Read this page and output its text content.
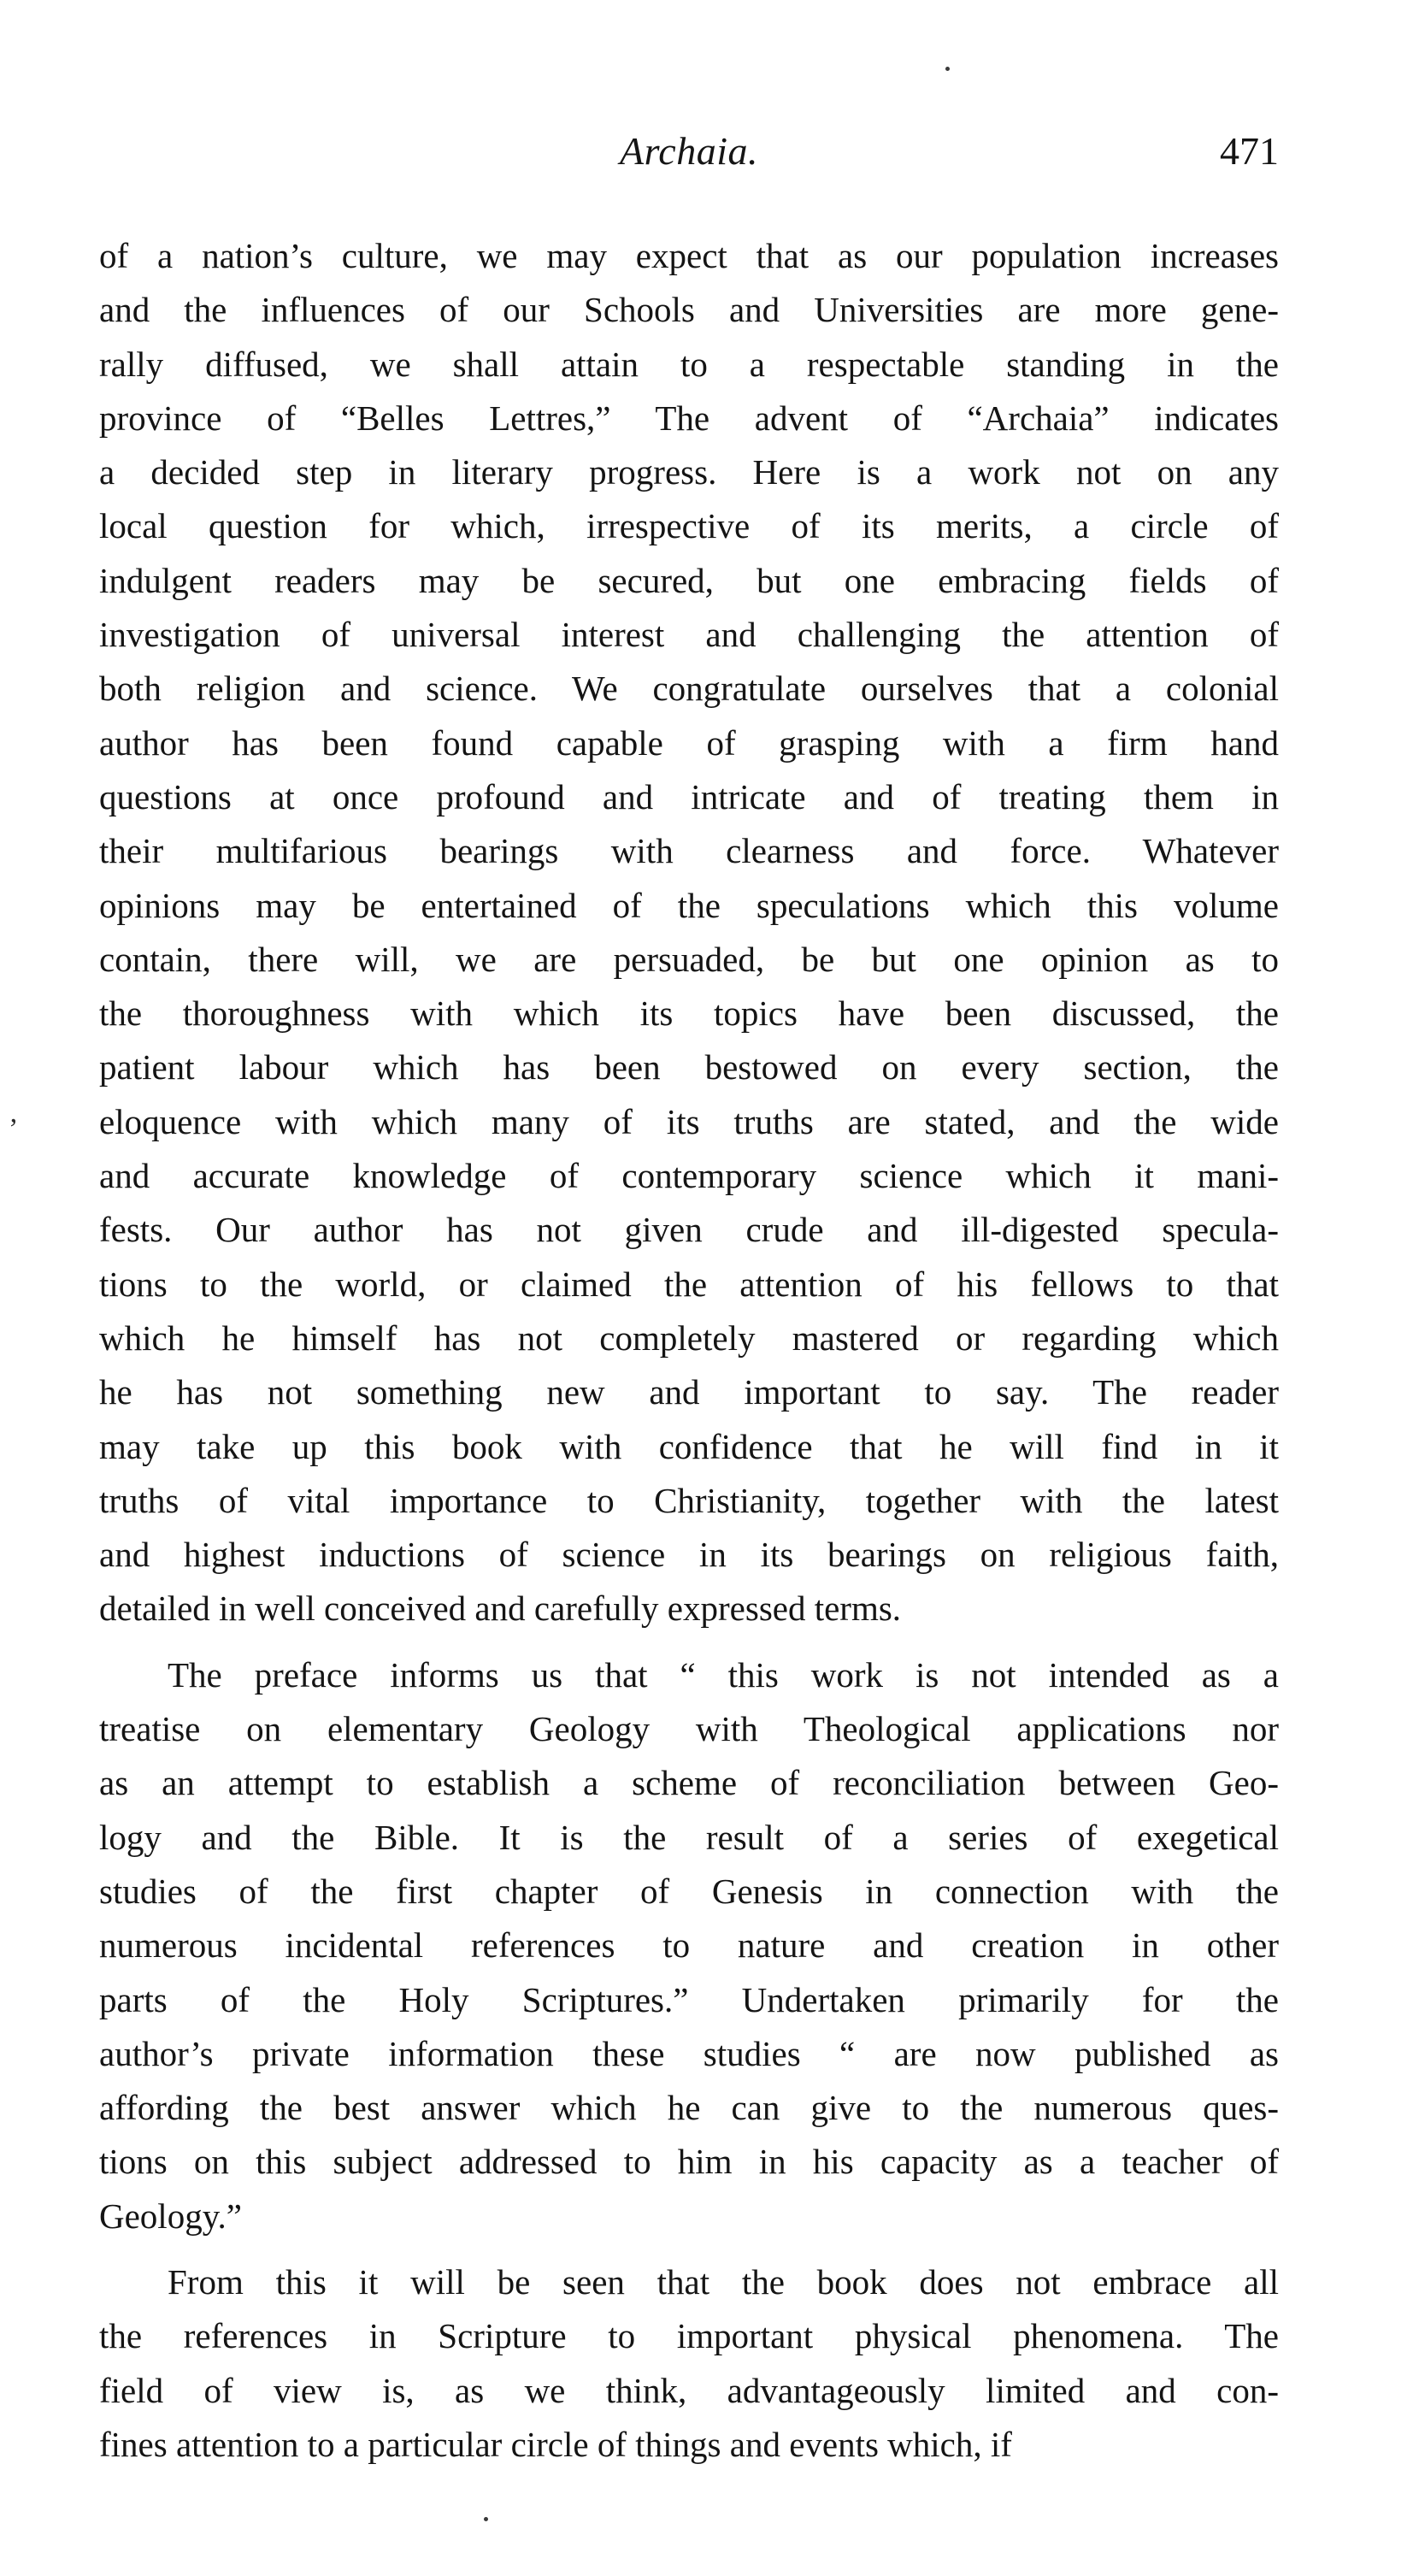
Archaia.	471
’
of a nation’s culture, we may expect that as our population increases
and the influences of our Schools and Universities are more gene-
rally diffused, we shall attain to a respectable standing in the
province of “Belles Lettres,” The advent of “Archaia” indicates
a decided step in literary progress. Here is a work not on any
local question for which, irrespective of its merits, a circle of
indulgent readers may be secured, but one embracing fields of
investigation of universal interest and challenging the attention of
both religion and science. We congratulate ourselves that a colonial
author has been found capable of grasping with a firm hand
questions at once profound and intricate and of treating them in
their multifarious bearings with clearness and force. Whatever
opinions may be entertained of the speculations which this volume
contain, there will, we are persuaded, be but one opinion as to
the thoroughness with which its topics have been discussed, the
patient labour which has been bestowed on every section, the
eloquence with which many of its truths are stated, and the wide
and accurate knowledge of contemporary science which it mani-
fests. Our author has not given crude and ill-digested specula-
tions to the world, or claimed the attention of his fellows to that
which he himself has not completely mastered or regarding which
he has not something new and important to say. The reader
may take up this book with confidence that he will find in it
truths of vital importance to Christianity, together with the latest
and highest inductions of science in its bearings on religious faith,
detailed in well conceived and carefully expressed terms.
The preface informs us that “ this work is not intended as a
treatise on elementary Geology with Theological applications nor
as an attempt to establish a scheme of reconciliation between Geo-
logy and the Bible. It is the result of a series of exegetical
studies of the first chapter of Genesis in connection with the
numerous incidental references to nature and creation in other
parts of the Holy Scriptures.” Undertaken primarily for the
author’s private information these studies “ are now published as
affording the best answer which he can give to the numerous ques-
tions on this subject addressed to him in his capacity as a teacher of
Geology.”
From this it will be seen that the book does not embrace all
the references in Scripture to important physical phenomena. The
field of view is, as we think, advantageously limited and con-
fines attention to a particular circle of things and events which, if
